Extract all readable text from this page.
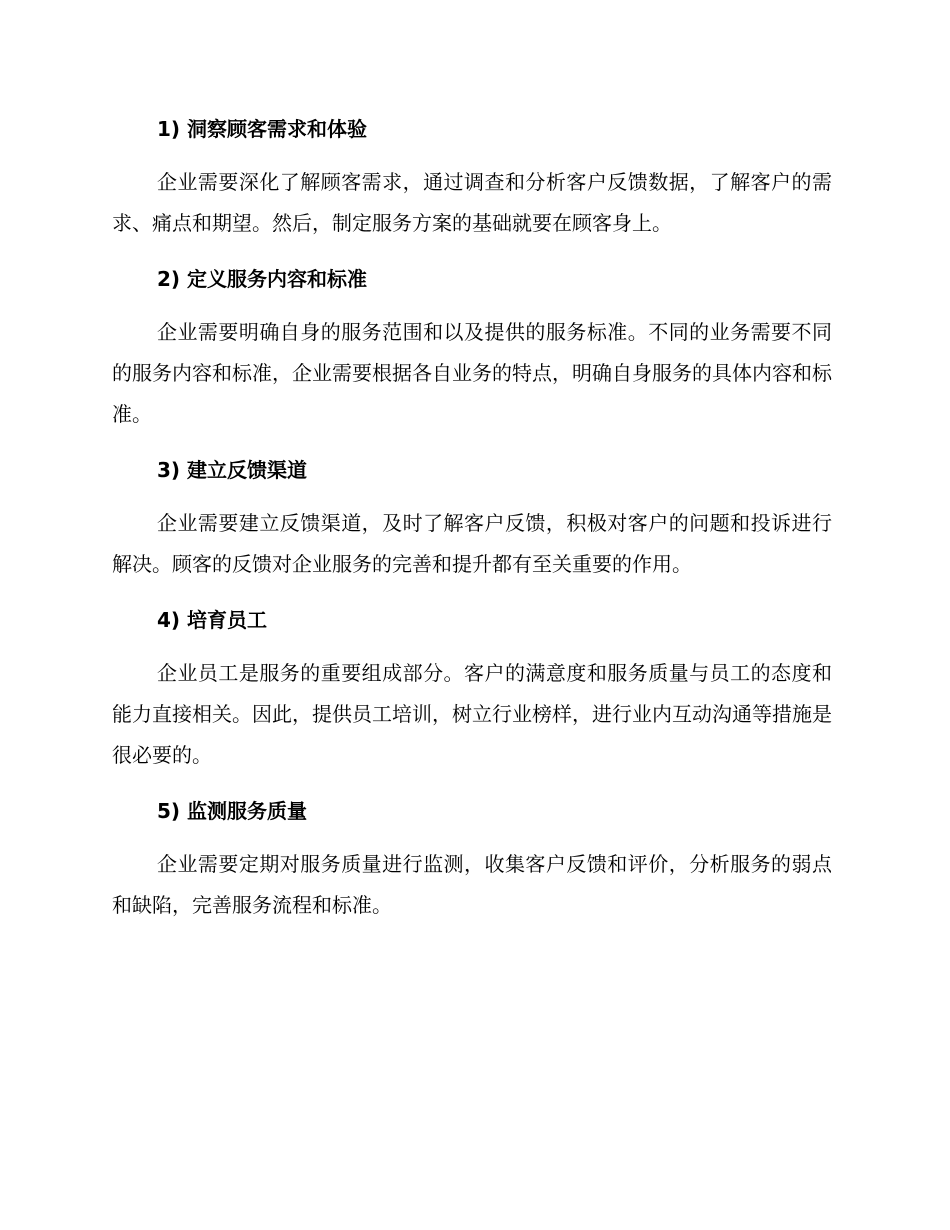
1) 洞察顾客需求和体验

企业需要深化了解顾客需求，通过调查和分析客户反馈数据，了解客户的需求、痛点和期望。然后，制定服务方案的基础就要在顾客身上。

2) 定义服务内容和标准

企业需要明确自身的服务范围和以及提供的服务标准。不同的业务需要不同的服务内容和标准，企业需要根据各自业务的特点，明确自身服务的具体内容和标准。

3) 建立反馈渠道

企业需要建立反馈渠道，及时了解客户反馈，积极对客户的问题和投诉进行解决。顾客的反馈对企业服务的完善和提升都有至关重要的作用。

4) 培育员工

企业员工是服务的重要组成部分。客户的满意度和服务质量与员工的态度和能力直接相关。因此，提供员工培训，树立行业榜样，进行业内互动沟通等措施是很必要的。

5) 监测服务质量

企业需要定期对服务质量进行监测，收集客户反馈和评价，分析服务的弱点和缺陷，完善服务流程和标准。
